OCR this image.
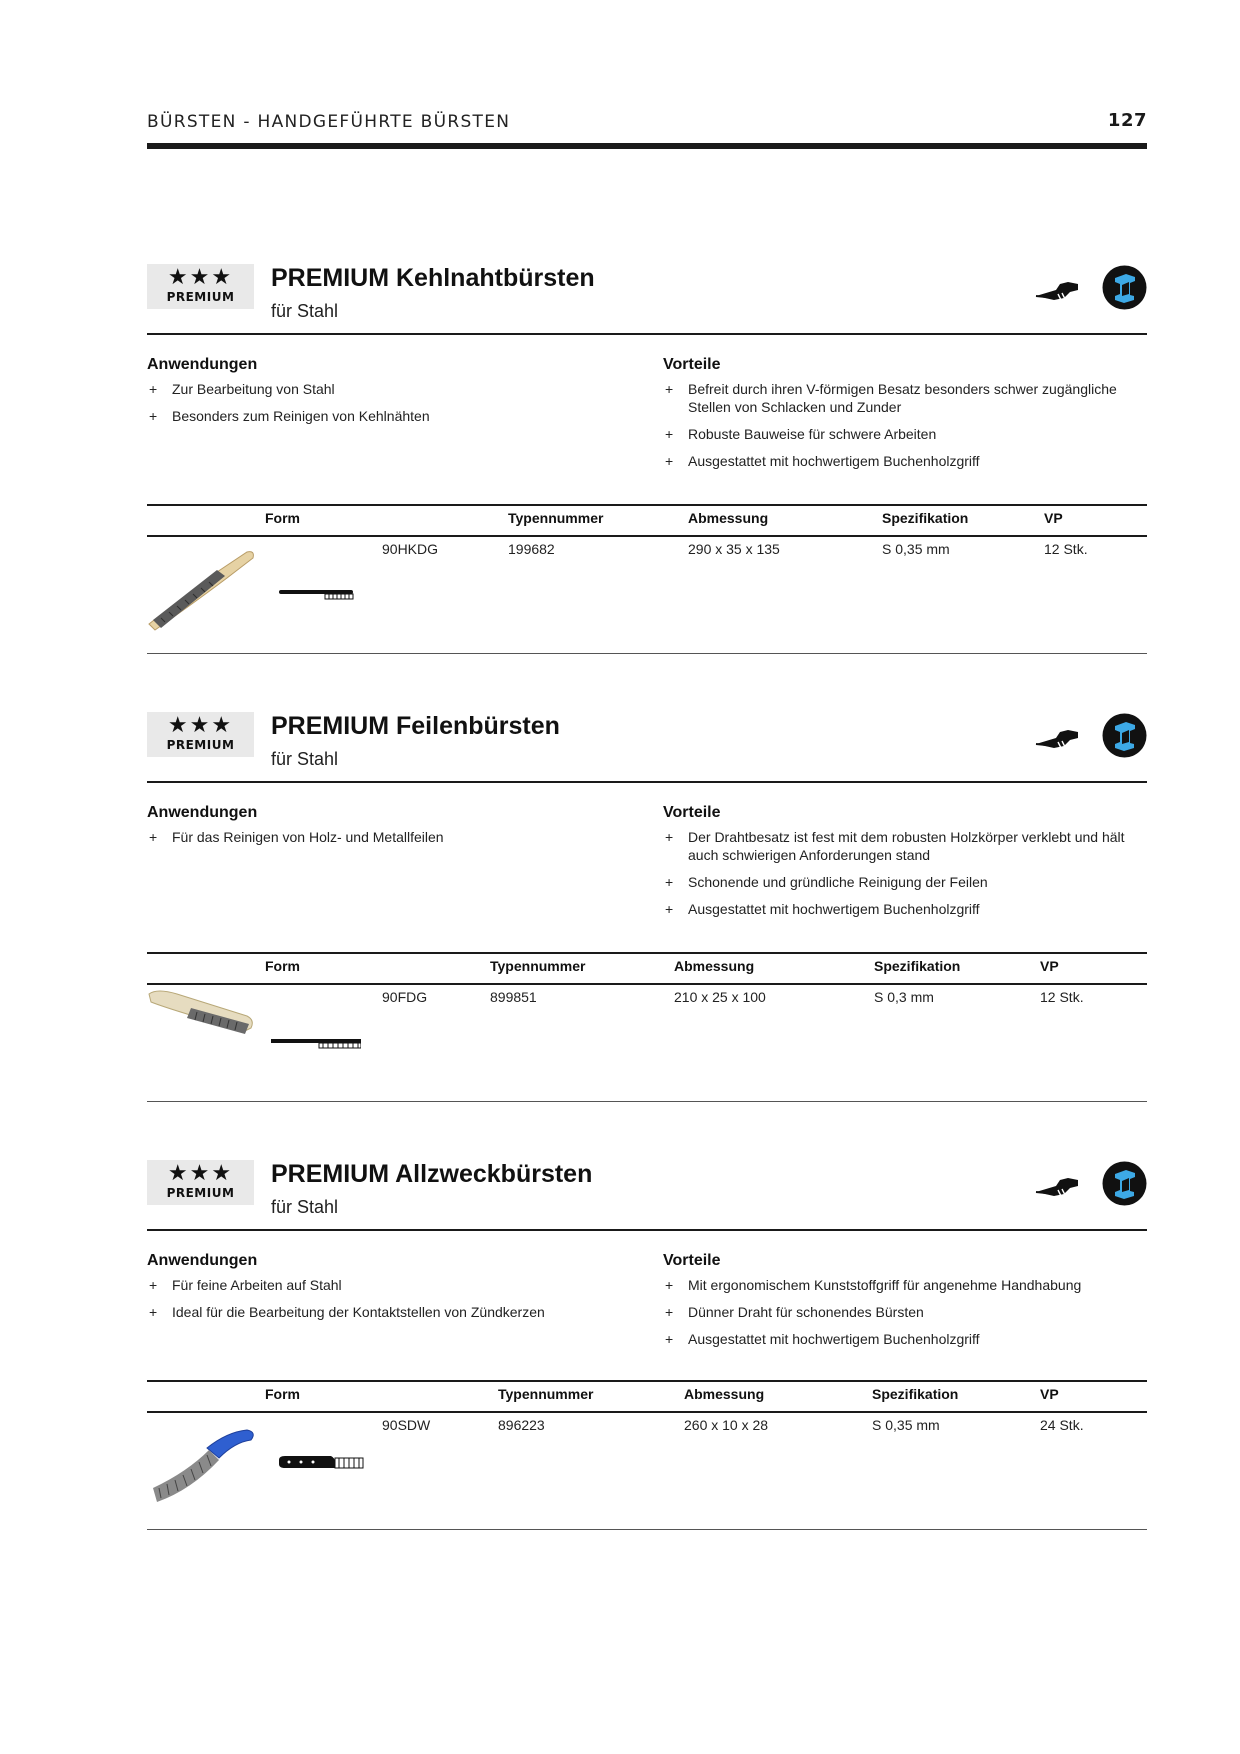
BÜRSTEN - HANDGEFÜHRTE BÜRSTEN	127
★★★
PREMIUM
PREMIUM Kehlnahtbürsten
für Stahl
Anwendungen
+ Zur Bearbeitung von Stahl
+ Besonders zum Reinigen von Kehlnähten
Vorteile
+ Befreit durch ihren V-förmigen Besatz besonders schwer zugängliche Stellen von Schlacken und Zunder
+ Robuste Bauweise für schwere Arbeiten
+ Ausgestattet mit hochwertigem Buchenholzgriff
Form	Typennummer	Abmessung	Spezifikation	VP
90HKDG	199682	290 x 35 x 135	S 0,35 mm	12 Stk.
★★★
PREMIUM
PREMIUM Feilenbürsten
für Stahl
Anwendungen
+ Für das Reinigen von Holz- und Metallfeilen
Vorteile
+ Der Drahtbesatz ist fest mit dem robusten Holzkörper verklebt und hält auch schwierigen Anforderungen stand
+ Schonende und gründliche Reinigung der Feilen
+ Ausgestattet mit hochwertigem Buchenholzgriff
Form	Typennummer	Abmessung	Spezifikation	VP
90FDG	899851	210 x 25 x 100	S 0,3 mm	12 Stk.
★★★
PREMIUM
PREMIUM Allzweckbürsten
für Stahl
Anwendungen
+ Für feine Arbeiten auf Stahl
+ Ideal für die Bearbeitung der Kontaktstellen von Zündkerzen
Vorteile
+ Mit ergonomischem Kunststoffgriff für angenehme Handhabung
+ Dünner Draht für schonendes Bürsten
+ Ausgestattet mit hochwertigem Buchenholzgriff
Form	Typennummer	Abmessung	Spezifikation	VP
90SDW	896223	260 x 10 x 28	S 0,35 mm	24 Stk.
